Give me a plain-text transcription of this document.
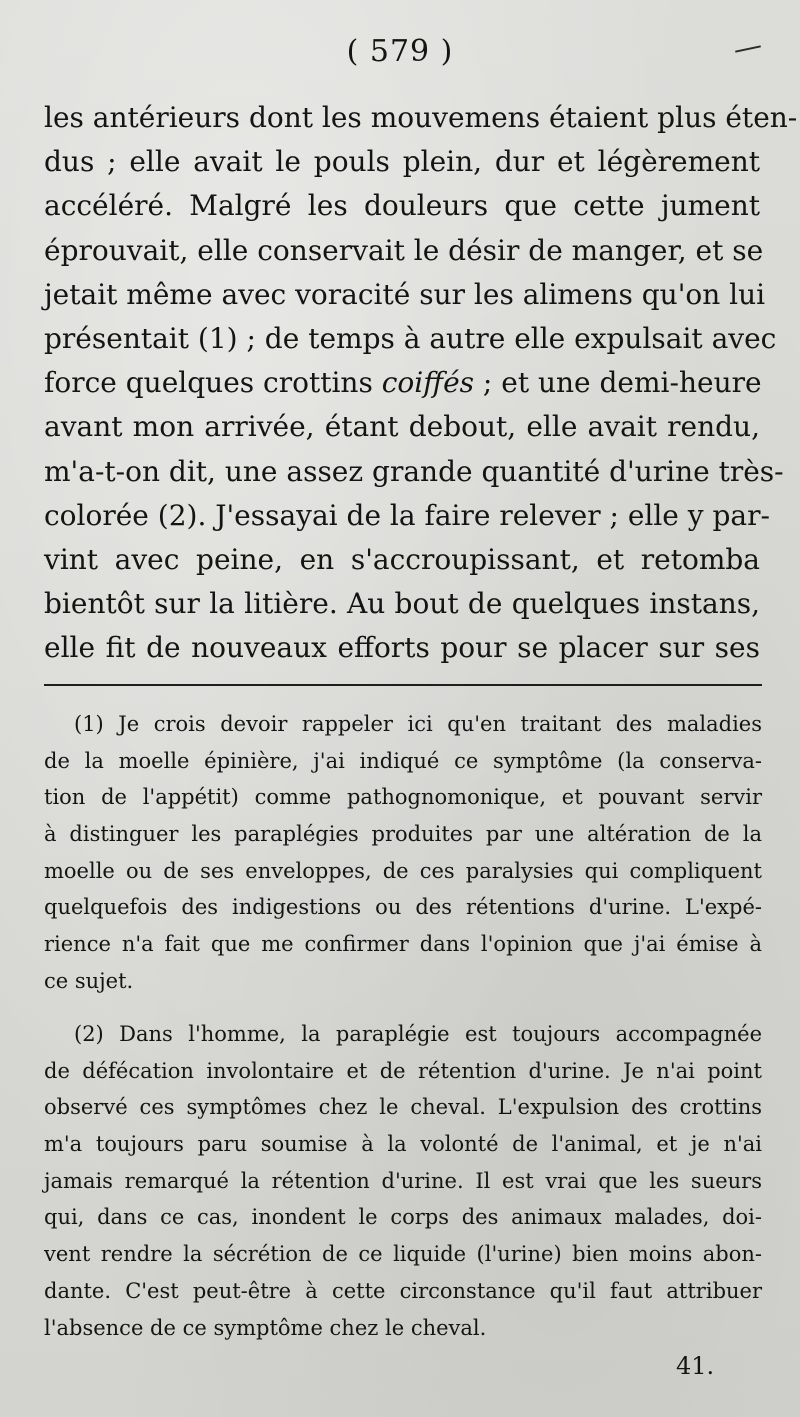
( 579 )
les antérieurs dont les mouvemens étaient plus éten-
dus ; elle avait le pouls plein, dur et légèrement
accéléré. Malgré les douleurs que cette jument
éprouvait, elle conservait le désir de manger, et se
jetait même avec voracité sur les alimens qu'on lui
présentait (1) ; de temps à autre elle expulsait avec
force quelques crottins coiffés ; et une demi-heure
avant mon arrivée, étant debout, elle avait rendu,
m'a-t-on dit, une assez grande quantité d'urine très-
colorée (2). J'essayai de la faire relever ; elle y par-
vint avec peine, en s'accroupissant, et retomba
bientôt sur la litière. Au bout de quelques instans,
elle fit de nouveaux efforts pour se placer sur ses
(1) Je crois devoir rappeler ici qu'en traitant des maladies
de la moelle épinière, j'ai indiqué ce symptôme (la conserva-
tion de l'appétit) comme pathognomonique, et pouvant servir
à distinguer les paraplégies produites par une altération de la
moelle ou de ses enveloppes, de ces paralysies qui compliquent
quelquefois des indigestions ou des rétentions d'urine. L'expé-
rience n'a fait que me confirmer dans l'opinion que j'ai émise à
ce sujet.
(2) Dans l'homme, la paraplégie est toujours accompagnée
de défécation involontaire et de rétention d'urine. Je n'ai point
observé ces symptômes chez le cheval. L'expulsion des crottins
m'a toujours paru soumise à la volonté de l'animal, et je n'ai
jamais remarqué la rétention d'urine. Il est vrai que les sueurs
qui, dans ce cas, inondent le corps des animaux malades, doi-
vent rendre la sécrétion de ce liquide (l'urine) bien moins abon-
dante. C'est peut-être à cette circonstance qu'il faut attribuer
l'absence de ce symptôme chez le cheval.
41.
